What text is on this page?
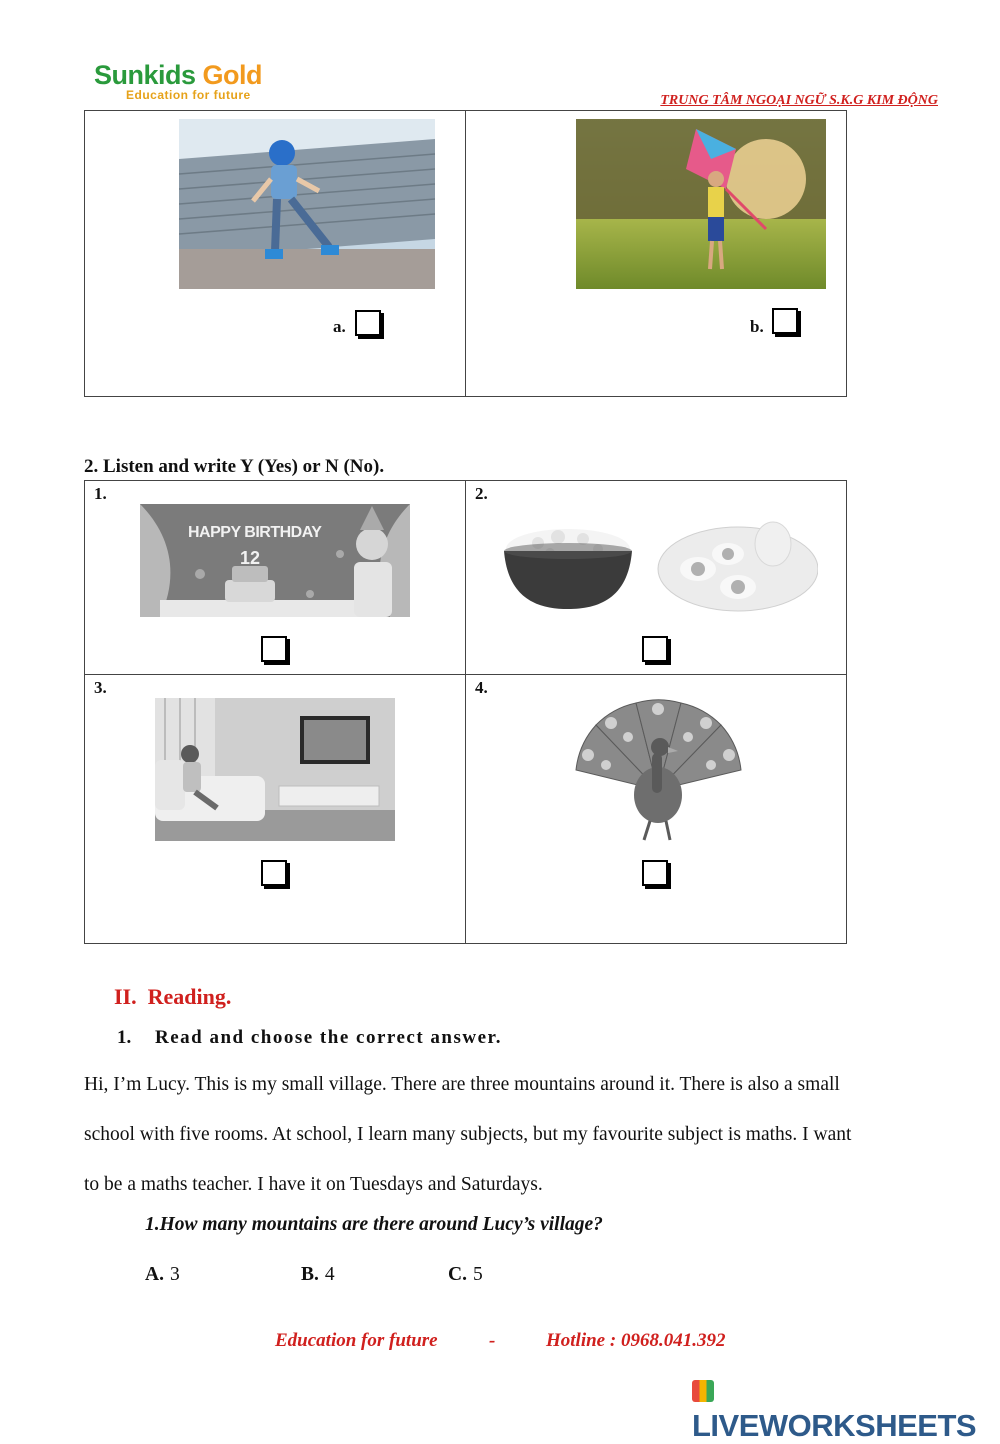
Sunkids Gold
Education for future	TRUNG TÂM NGOẠI NGỮ S.K.G KIM ĐỘNG
a.	b.
2. Listen and write Y (Yes) or N (No).
1.
HAPPY BIRTHDAY
12	2.

3.	4.
II.  Reading.
1. Read and choose the correct answer.
Hi, I’m Lucy. This is my small village. There are three mountains around it. There is also a small
school with five rooms. At school, I learn many subjects, but my favourite subject is maths. I want
to be a maths teacher. I have it on Tuesdays and Saturdays.
1.How many mountains are there around Lucy’s village?
A. 3	B. 4	C. 5
Education for future	-	Hotline : 0968.041.392
LIVEWORKSHEETS
